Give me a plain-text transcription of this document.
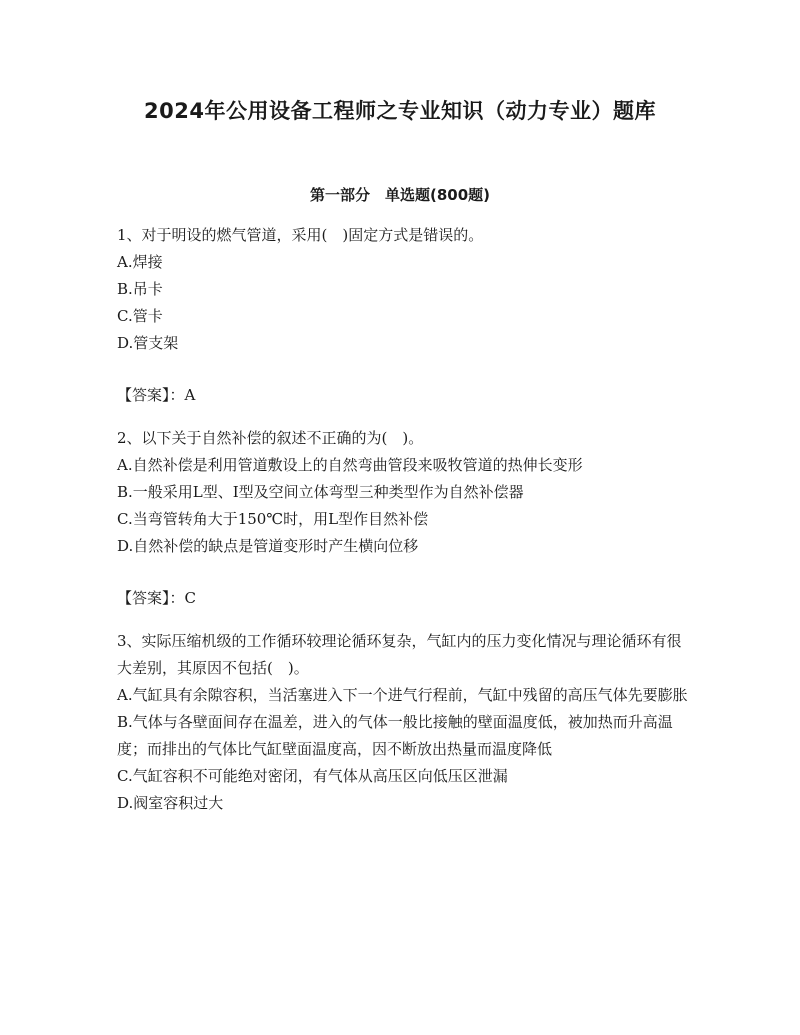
2024年公用设备工程师之专业知识（动力专业）题库
第一部分　单选题(800题)

1、对于明设的燃气管道，采用(　)固定方式是错误的。

A.焊接

B.吊卡

C.管卡

D.管支架

【答案】：A

2、以下关于自然补偿的叙述不正确的为(　)。

A.自然补偿是利用管道敷设上的自然弯曲管段来吸牧管道的热伸长变形

B.一般采用L型、Ⅰ型及空间立体弯型三种类型作为自然补偿器

C.当弯管转角大于150℃时，用L型作目然补偿

D.自然补偿的缺点是管道变形时产生横向位移

【答案】：C

3、实际压缩机级的工作循环较理论循环复杂，气缸内的压力变化情况与理论循环有很大差别，其原因不包括(　)。

A.气缸具有余隙容积，当活塞进入下一个进气行程前，气缸中残留的高压气体先要膨胀

B.气体与各壁面间存在温差，进入的气体一般比接触的壁面温度低，被加热而升高温度；而排出的气体比气缸壁面温度高，因不断放出热量而温度降低

C.气缸容积不可能绝对密闭，有气体从高压区向低压区泄漏

D.阀室容积过大
